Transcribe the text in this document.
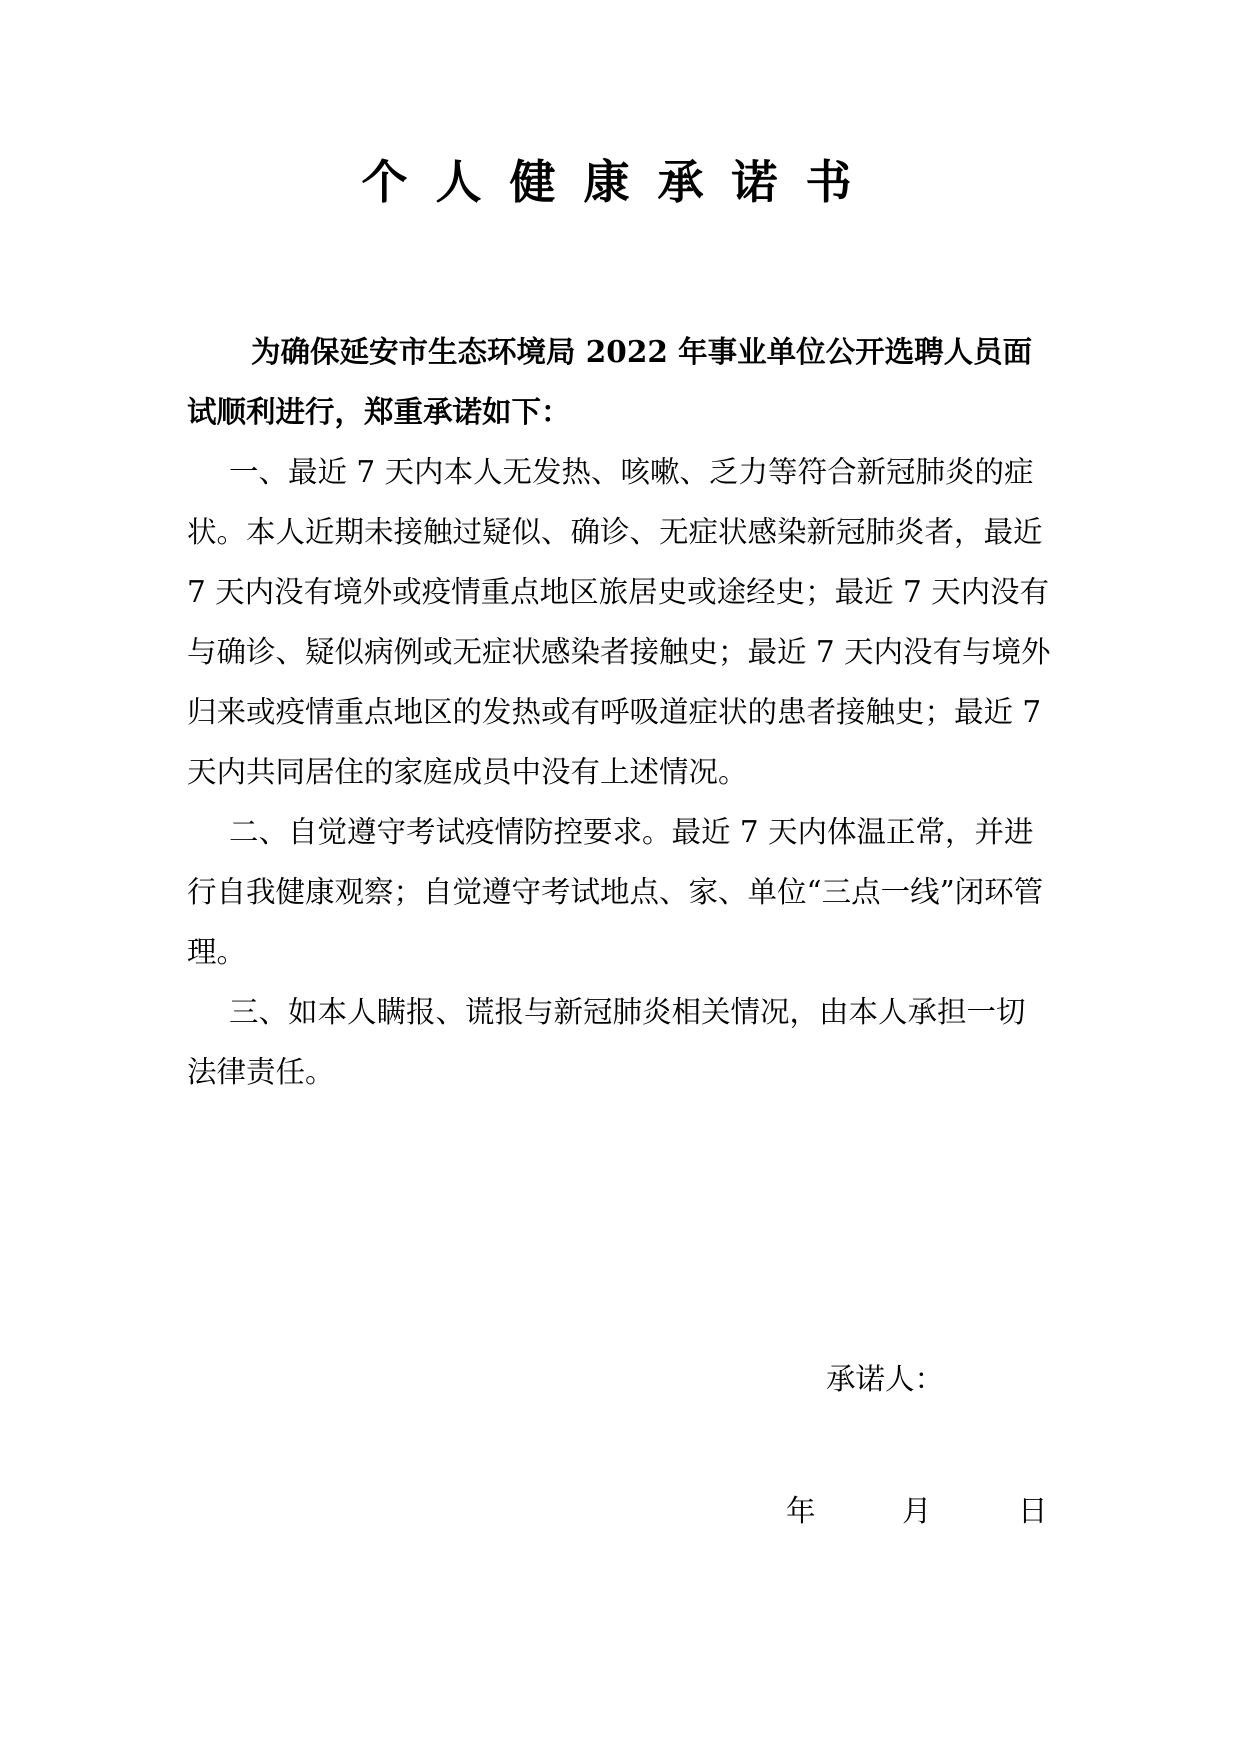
个人健康承诺书

为确保延安市生态环境局 2022 年事业单位公开选聘人员面试顺利进行，郑重承诺如下：

一、最近 7 天内本人无发热、咳嗽、乏力等符合新冠肺炎的症状。本人近期未接触过疑似、确诊、无症状感染新冠肺炎者，最近 7 天内没有境外或疫情重点地区旅居史或途经史；最近 7 天内没有与确诊、疑似病例或无症状感染者接触史；最近 7 天内没有与境外归来或疫情重点地区的发热或有呼吸道症状的患者接触史；最近 7 天内共同居住的家庭成员中没有上述情况。

二、自觉遵守考试疫情防控要求。最近 7 天内体温正常，并进行自我健康观察；自觉遵守考试地点、家、单位“三点一线”闭环管理。

三、如本人瞒报、谎报与新冠肺炎相关情况，由本人承担一切法律责任。

承诺人：
年	月	日
